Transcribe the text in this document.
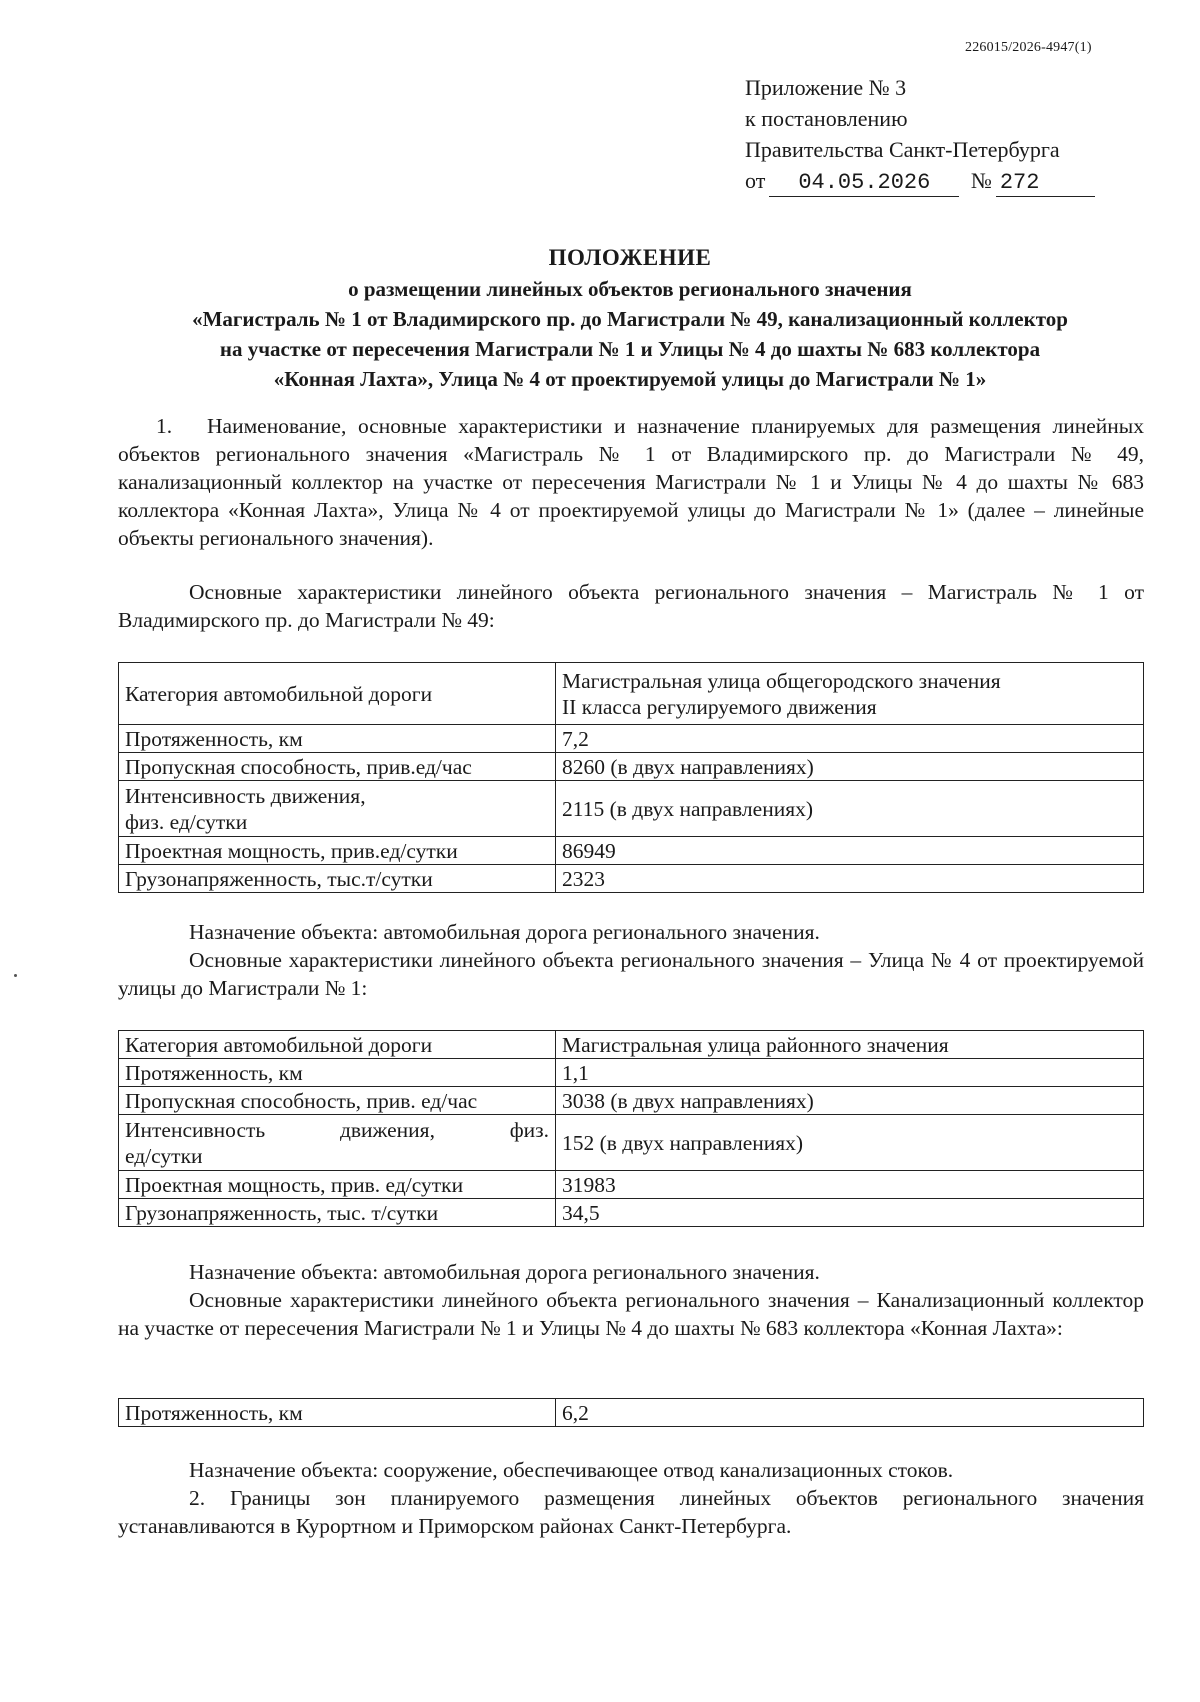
226015/2026-4947(1)
Приложение № 3
к постановлению
Правительства Санкт-Петербурга
от 04.05.2026 № 272
ПОЛОЖЕНИЕ
о размещении линейных объектов регионального значения
«Магистраль № 1 от Владимирского пр. до Магистрали № 49, канализационный коллектор
на участке от пересечения Магистрали № 1 и Улицы № 4 до шахты № 683 коллектора
«Конная Лахта», Улица № 4 от проектируемой улицы до Магистрали № 1»
1.   Наименование, основные характеристики и назначение планируемых для размещения линейных объектов регионального значения «Магистраль № 1 от Владимирского пр. до Магистрали № 49, канализационный коллектор на участке от пересечения Магистрали № 1 и Улицы № 4 до шахты № 683 коллектора «Конная Лахта», Улица № 4 от проектируемой улицы до Магистрали № 1» (далее – линейные объекты регионального значения).
Основные характеристики линейного объекта регионального значения – Магистраль № 1 от Владимирского пр. до Магистрали № 49:
Категория автомобильной дороги	Магистральная улица общегородского значения
II класса регулируемого движения

Протяженность, км	7,2
Пропускная способность, прив.ед/час	8260 (в двух направлениях)

Интенсивность движения,
физ. ед/сутки	2115 (в двух направлениях)
Проектная мощность, прив.ед/сутки	86949
Грузонапряженность, тыс.т/сутки	2323
Назначение объекта: автомобильная дорога регионального значения.
Основные характеристики линейного объекта регионального значения – Улица № 4 от проектируемой улицы до Магистрали № 1:
Категория автомобильной дороги	Магистральная улица районного значения
Протяженность, км	1,1
Пропускная способность, прив. ед/час	3038 (в двух направлениях)

Интенсивность движения, физ.
ед/сутки	152 (в двух направлениях)
Проектная мощность, прив. ед/сутки	31983
Грузонапряженность, тыс. т/сутки	34,5
Назначение объекта: автомобильная дорога регионального значения.
Основные характеристики линейного объекта регионального значения – Канализационный коллектор на участке от пересечения Магистрали № 1 и Улицы № 4 до шахты № 683 коллектора «Конная Лахта»:
Протяженность, км	6,2
Назначение объекта: сооружение, обеспечивающее отвод канализационных стоков.
2. Границы зон планируемого размещения линейных объектов регионального значения устанавливаются в Курортном и Приморском районах Санкт-Петербурга.
